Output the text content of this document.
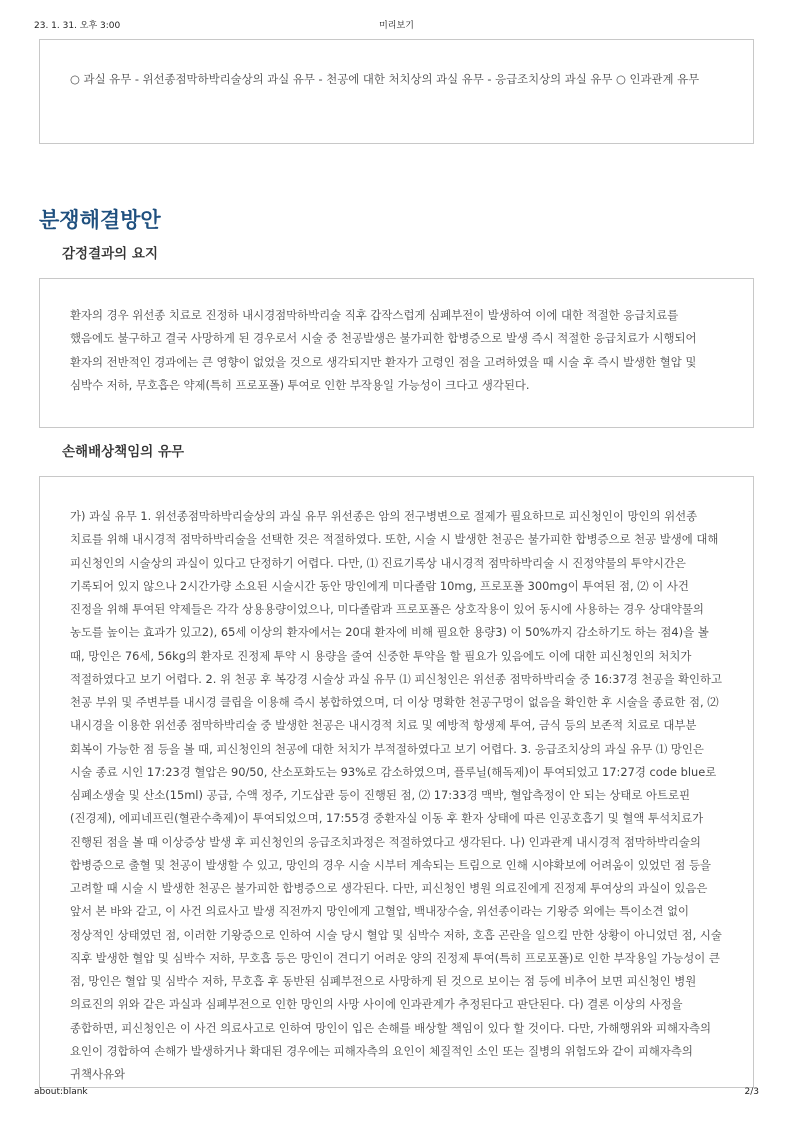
23. 1. 31. 오후 3:00	미리보기

○ 과실 유무 - 위선종점막하박리술상의 과실 유무 - 천공에 대한 처치상의 과실 유무 - 응급조치상의 과실 유무 ○ 인과관계 유무

분쟁해결방안
감정결과의 요지

환자의 경우 위선종 치료로 진정하 내시경점막하박리술 직후 갑작스럽게 심폐부전이 발생하여 이에 대한 적절한 응급치료를 했음에도 불구하고 결국 사망하게 된 경우로서 시술 중 천공발생은 불가피한 합병증으로 발생 즉시 적절한 응급치료가 시행되어 환자의 전반적인 경과에는 큰 영향이 없었을 것으로 생각되지만 환자가 고령인 점을 고려하였을 때 시술 후 즉시 발생한 혈압 및 심박수 저하, 무호흡은 약제(특히 프로포폴) 투여로 인한 부작용일 가능성이 크다고 생각된다.

손해배상책임의 유무

가) 과실 유무 1. 위선종점막하박리술상의 과실 유무 위선종은 암의 전구병변으로 절제가 필요하므로 피신청인이 망인의 위선종 치료를 위해 내시경적 점막하박리술을 선택한 것은 적절하였다. 또한, 시술 시 발생한 천공은 불가피한 합병증으로 천공 발생에 대해 피신청인의 시술상의 과실이 있다고 단정하기 어렵다. 다만, ⑴ 진료기록상 내시경적 점막하박리술 시 진정약물의 투약시간은 기록되어 있지 않으나 2시간가량 소요된 시술시간 동안 망인에게 미다졸람 10mg, 프로포폴 300mg이 투여된 점, ⑵ 이 사건 진정을 위해 투여된 약제들은 각각 상용용량이었으나, 미다졸람과 프로포폴은 상호작용이 있어 동시에 사용하는 경우 상대약물의 농도를 높이는 효과가 있고2), 65세 이상의 환자에서는 20대 환자에 비해 필요한 용량3) 이 50%까지 감소하기도 하는 점4)을 볼 때, 망인은 76세, 56kg의 환자로 진정제 투약 시 용량을 줄여 신중한 투약을 할 필요가 있음에도 이에 대한 피신청인의 처치가 적절하였다고 보기 어렵다. 2. 위 천공 후 복강경 시술상 과실 유무 ⑴ 피신청인은 위선종 점막하박리술 중 16:37경 천공을 확인하고 천공 부위 및 주변부를 내시경 클립을 이용해 즉시 봉합하였으며, 더 이상 명확한 천공구멍이 없음을 확인한 후 시술을 종료한 점, ⑵ 내시경을 이용한 위선종 점막하박리술 중 발생한 천공은 내시경적 치료 및 예방적 항생제 투여, 금식 등의 보존적 치료로 대부분 회복이 가능한 점 등을 볼 때, 피신청인의 천공에 대한 처치가 부적절하였다고 보기 어렵다. 3. 응급조치상의 과실 유무 ⑴ 망인은 시술 종료 시인 17:23경 혈압은 90/50, 산소포화도는 93%로 감소하였으며, 플루닐(해독제)이 투여되었고 17:27경 code blue로 심폐소생술 및 산소(15ml) 공급, 수액 정주, 기도삽관 등이 진행된 점, ⑵ 17:33경 맥박, 혈압측정이 안 되는 상태로 아트로핀(진경제), 에피네프린(혈관수축제)이 투여되었으며, 17:55경 중환자실 이동 후 환자 상태에 따른 인공호흡기 및 혈액 투석치료가 진행된 점을 볼 때 이상증상 발생 후 피신청인의 응급조치과정은 적절하였다고 생각된다. 나) 인과관계 내시경적 점막하박리술의 합병증으로 출혈 및 천공이 발생할 수 있고, 망인의 경우 시술 시부터 계속되는 트림으로 인해 시야확보에 어려움이 있었던 점 등을 고려할 때 시술 시 발생한 천공은 불가피한 합병증으로 생각된다. 다만, 피신청인 병원 의료진에게 진정제 투여상의 과실이 있음은 앞서 본 바와 같고, 이 사건 의료사고 발생 직전까지 망인에게 고혈압, 백내장수술, 위선종이라는 기왕증 외에는 특이소견 없이 정상적인 상태였던 점, 이러한 기왕증으로 인하여 시술 당시 혈압 및 심박수 저하, 호흡 곤란을 일으킬 만한 상황이 아니었던 점, 시술 직후 발생한 혈압 및 심박수 저하, 무호흡 등은 망인이 견디기 어려운 양의 진정제 투여(특히 프로포폴)로 인한 부작용일 가능성이 큰 점, 망인은 혈압 및 심박수 저하, 무호흡 후 동반된 심폐부전으로 사망하게 된 것으로 보이는 점 등에 비추어 보면 피신청인 병원 의료진의 위와 같은 과실과 심폐부전으로 인한 망인의 사망 사이에 인과관계가 추정된다고 판단된다. 다) 결론 이상의 사정을 종합하면, 피신청인은 이 사건 의료사고로 인하여 망인이 입은 손해를 배상할 책임이 있다 할 것이다. 다만, 가해행위와 피해자측의 요인이 경합하여 손해가 발생하거나 확대된 경우에는 피해자측의 요인이 체질적인 소인 또는 질병의 위험도와 같이 피해자측의 귀책사유와

about:blank	2/3
